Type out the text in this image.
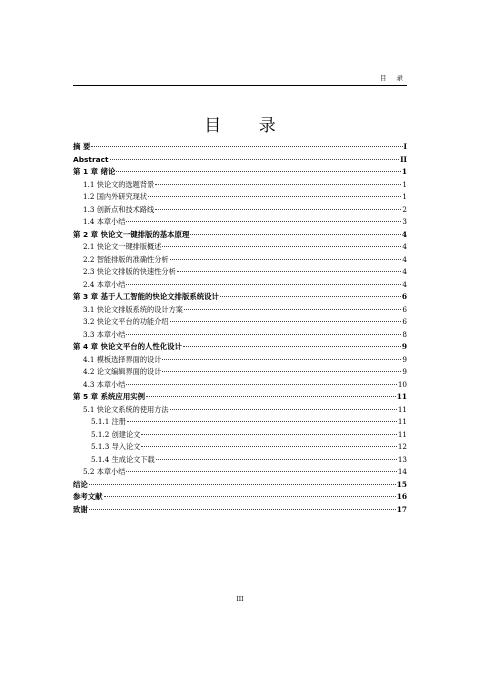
目 录
目 录
摘 要	I
Abstract	II
第 1 章 绪论	1
1.1 快论文的选题背景	1
1.2 国内外研究现状	1
1.3 创新点和技术路线	2
1.4 本章小结	3
第 2 章 快论文一键排版的基本原理	4
2.1 快论文一键排版概述	4
2.2 智能排版的准确性分析	4
2.3 快论文排版的快速性分析	4
2.4 本章小结	4
第 3 章 基于人工智能的快论文排版系统设计	6
3.1 快论文排版系统的设计方案	6
3.2 快论文平台的功能介绍	6
3.3 本章小结	8
第 4 章 快论文平台的人性化设计	9
4.1 模板选择界面的设计	9
4.2 论文编辑界面的设计	9
4.3 本章小结	10
第 5 章 系统应用实例	11
5.1 快论文系统的使用方法	11
5.1.1 注册	11
5.1.2 创建论文	11
5.1.3 导入论文	12
5.1.4 生成论文下载	13
5.2 本章小结	14
结论	15
参考文献	16
致谢	17
III
